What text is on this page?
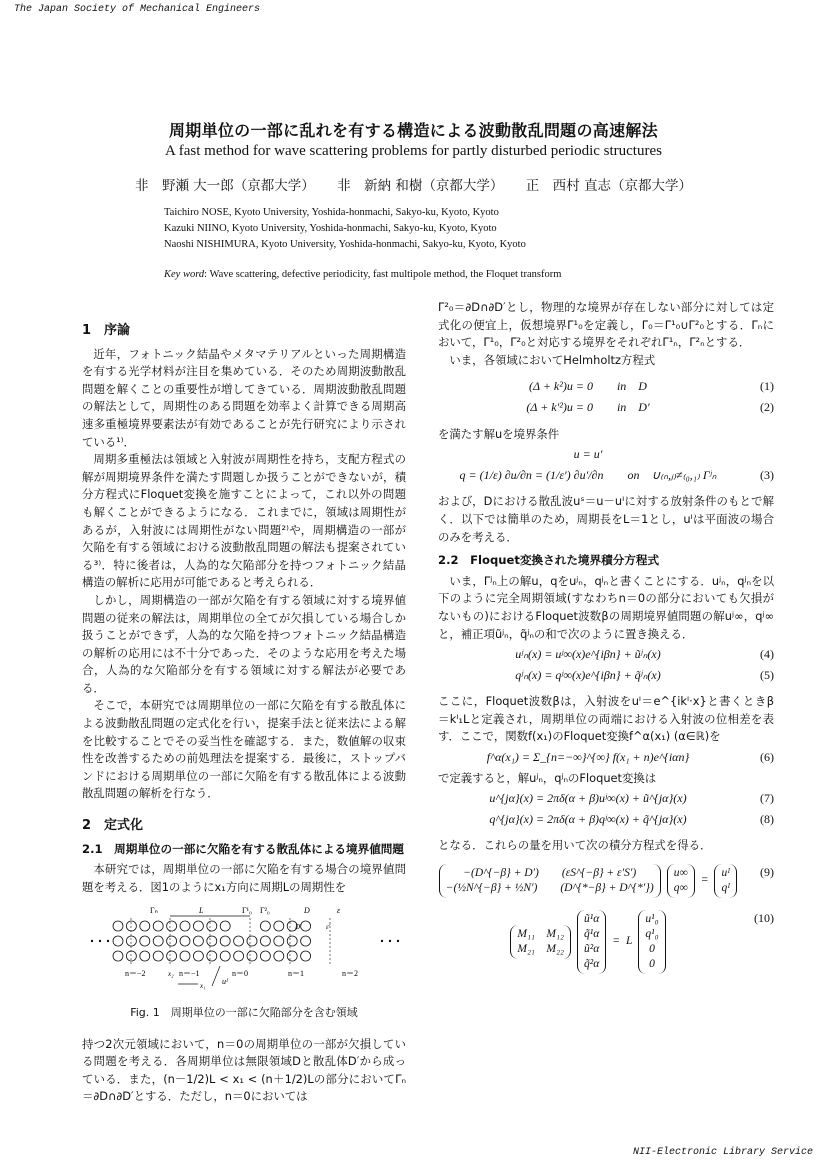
The Japan Society of Mechanical Engineers
周期単位の一部に乱れを有する構造による波動散乱問題の高速解法
A fast method for wave scattering problems for partly disturbed periodic structures
非　野瀬 大一郎（京都大学） 非　新納 和樹（京都大学） 正　西村 直志（京都大学）
Taichiro NOSE, Kyoto University, Yoshida-honmachi, Sakyo-ku, Kyoto, Kyoto
Kazuki NIINO, Kyoto University, Yoshida-honmachi, Sakyo-ku, Kyoto, Kyoto
Naoshi NISHIMURA, Kyoto University, Yoshida-honmachi, Sakyo-ku, Kyoto, Kyoto
Key word: Wave scattering, defective periodicity, fast multipole method, the Floquet transform
1　序論

近年，フォトニック結晶やメタマテリアルといった周期構造を有する光学材料が注目を集めている．そのため周期波動散乱問題を解くことの重要性が増してきている．周期波動散乱問題の解法として，周期性のある問題を効率よく計算できる周期高速多重極境界要素法が有効であることが先行研究により示されている¹⁾．

周期多重極法は領域と入射波が周期性を持ち，支配方程式の解が周期境界条件を満たす問題しか扱うことができないが，積分方程式にFloquet変換を施すことによって，これ以外の問題も解くことができるようになる．これまでに，領域は周期性があるが，入射波には周期性がない問題²⁾や，周期構造の一部が欠陥を有する領域における波動散乱問題の解法も提案されている³⁾．特に後者は，人為的な欠陥部分を持つフォトニック結晶構造の解析に応用が可能であると考えられる．

しかし，周期構造の一部が欠陥を有する領域に対する境界値問題の従来の解法は，周期単位の全てが欠損している場合しか扱うことができず，人為的な欠陥を持つフォトニック結晶構造の解析の応用には不十分であった．そのような応用を考えた場合，人為的な欠陥部分を有する領域に対する解法が必要である．

そこで，本研究では周期単位の一部に欠陥を有する散乱体による波動散乱問題の定式化を行い，提案手法と従来法による解を比較することでその妥当性を確認する．また，数値解の収束性を改善するための前処理法を提案する．最後に，ストップバンドにおける周期単位の一部に欠陥を有する散乱体による波動散乱問題の解析を行なう．

2　定式化
2.1　周期単位の一部に欠陥を有する散乱体による境界値問題

本研究では，周期単位の一部に欠陥を有する場合の境界値問題を考える．図1のようにx₁方向に周期Lの周期性を

Γₙ	L	Γ¹₀ Γ²₀	D	ε
D′	ε′
n＝−2	n＝−1	n＝0	n＝1	n＝2
x₁
x₂
uᴵ
Fig. 1　周期単位の一部に欠陥部分を含む領域

持つ2次元領域において，n＝0の周期単位の一部が欠損している問題を考える．各周期単位は無限領域Dと散乱体D′から成っている．また，(n－1/2)L < x₁ < (n＋1/2)Lの部分においてΓₙ＝∂D∩∂D′とする．ただし，n＝0においては

Γ²₀＝∂D∩∂D′とし，物理的な境界が存在しない部分に対しては定式化の便宜上，仮想境界Γ¹₀を定義し，Γ₀＝Γ¹₀∪Γ²₀とする．Γₙにおいて，Γ¹₀，Γ²₀と対応する境界をそれぞれΓ¹ₙ，Γ²ₙとする．

いま，各領域においてHelmholtz方程式

(Δ + k²)u = 0　　in　D	(1)
(Δ + k′²)u = 0　　in　D′	(2)

を満たす解uを境界条件

u = u′
q = (1/ε) ∂u/∂n = (1/ε′) ∂u′/∂n　　on　∪₍ₙ,ⱼ₎≠₍₀,₁₎ Γʲₙ	(3)

および，Dにおける散乱波uˢ＝u－uᴵに対する放射条件のもとで解く．以下では簡単のため，周期長をL＝1とし，uᴵは平面波の場合のみを考える．

2.2　Floquet変換された境界積分方程式

いま，Γʲₙ上の解u，qをuʲₙ，qʲₙと書くことにする．uʲₙ，qʲₙを以下のように完全周期領域(すなわちn＝0の部分においても欠損がないもの)におけるFloquet波数βの周期境界値問題の解uʲ∞，qʲ∞と，補正項ũʲₙ，q̃ʲₙの和で次のように置き換える．

uʲₙ(x) = uʲ∞(x)e^{iβn} + ũʲₙ(x)	(4)
qʲₙ(x) = qʲ∞(x)e^{iβn} + q̃ʲₙ(x)	(5)

ここに，Floquet波数βは，入射波をuᴵ＝e^{ikᴵ·x}と書くときβ＝kᴵ₁Lと定義され，周期単位の両端における入射波の位相差を表す．ここで，関数f(x₁)のFloquet変換f^α(x₁) (α∈ℝ)を

f^α(x₁) = Σ_{n=−∞}^{∞} f(x₁ + n)e^{iαn}	(6)

で定義すると，解uʲₙ，qʲₙのFloquet変換は

u^{jα}(x) = 2πδ(α + β)uʲ∞(x) + ũ^{jα}(x)	(7)
q^{jα}(x) = 2πδ(α + β)qʲ∞(x) + q̃^{jα}(x)	(8)

となる．これらの量を用いて次の積分方程式を得る．

−(D^{−β} + D′)　　(εS^{−β} + ε′S′)
−(½N^{−β} + ½N′)　　(D^{*−β} + D^{*′})
u∞
q∞
=
uᴵ
qᴵ
(9)
M₁₁　M₁₂
M₂₁　M₂₂
ũ¹α
q̃¹α
ũ²α
q̃²α
= L
u¹₀
q¹₀
0
0
(10)
NII-Electronic Library Service
